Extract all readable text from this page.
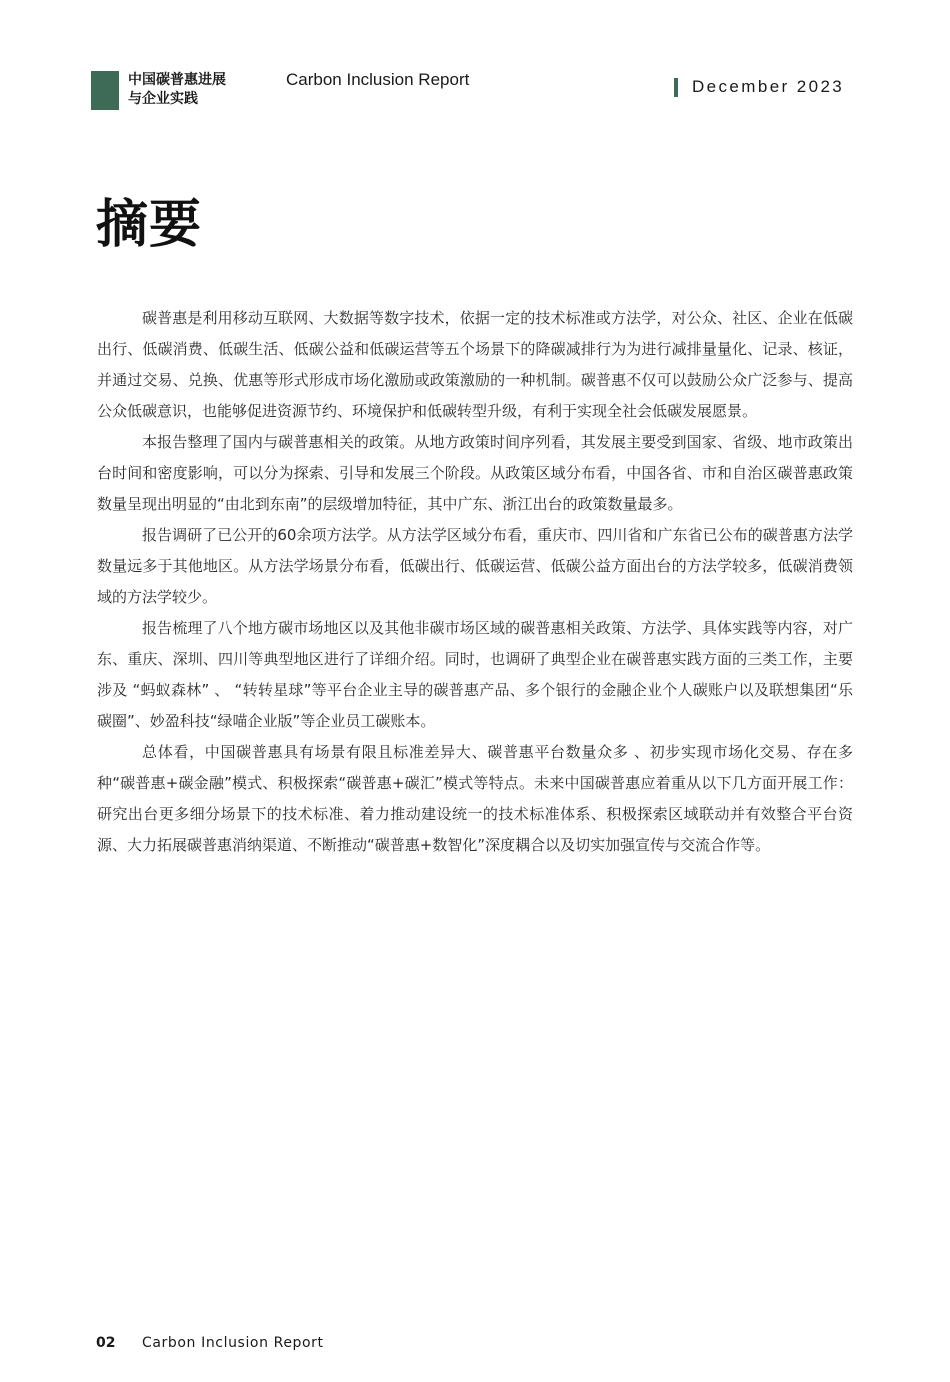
中国碳普惠进展
与企业实践
Carbon Inclusion Report	December 2023
摘要

碳普惠是利用移动互联网、大数据等数字技术，依据一定的技术标准或方法学，对公众、社区、企业在低碳出行、低碳消费、低碳生活、低碳公益和低碳运营等五个场景下的降碳减排行为为进行减排量量化、记录、核证，并通过交易、兑换、优惠等形式形成市场化激励或政策激励的一种机制。碳普惠不仅可以鼓励公众广泛参与、提高公众低碳意识，也能够促进资源节约、环境保护和低碳转型升级，有利于实现全社会低碳发展愿景。

本报告整理了国内与碳普惠相关的政策。从地方政策时间序列看，其发展主要受到国家、省级、地市政策出台时间和密度影响，可以分为探索、引导和发展三个阶段。从政策区域分布看，中国各省、市和自治区碳普惠政策数量呈现出明显的“由北到东南”的层级增加特征，其中广东、浙江出台的政策数量最多。

报告调研了已公开的60余项方法学。从方法学区域分布看，重庆市、四川省和广东省已公布的碳普惠方法学数量远多于其他地区。从方法学场景分布看，低碳出行、低碳运营、低碳公益方面出台的方法学较多，低碳消费领域的方法学较少。

报告梳理了八个地方碳市场地区以及其他非碳市场区域的碳普惠相关政策、方法学、具体实践等内容，对广东、重庆、深圳、四川等典型地区进行了详细介绍。同时，也调研了典型企业在碳普惠实践方面的三类工作，主要涉及 “蚂蚁森林” 、 “转转星球”等平台企业主导的碳普惠产品、多个银行的金融企业个人碳账户以及联想集团“乐碳圈”、妙盈科技“绿喵企业版”等企业员工碳账本。

总体看，中国碳普惠具有场景有限且标准差异大、碳普惠平台数量众多 、初步实现市场化交易、存在多种“碳普惠+碳金融”模式、积极探索“碳普惠+碳汇”模式等特点。未来中国碳普惠应着重从以下几方面开展工作：研究出台更多细分场景下的技术标准、着力推动建设统一的技术标准体系、积极探索区域联动并有效整合平台资源、大力拓展碳普惠消纳渠道、不断推动“碳普惠+数智化”深度耦合以及切实加强宣传与交流合作等。

02 Carbon Inclusion Report
